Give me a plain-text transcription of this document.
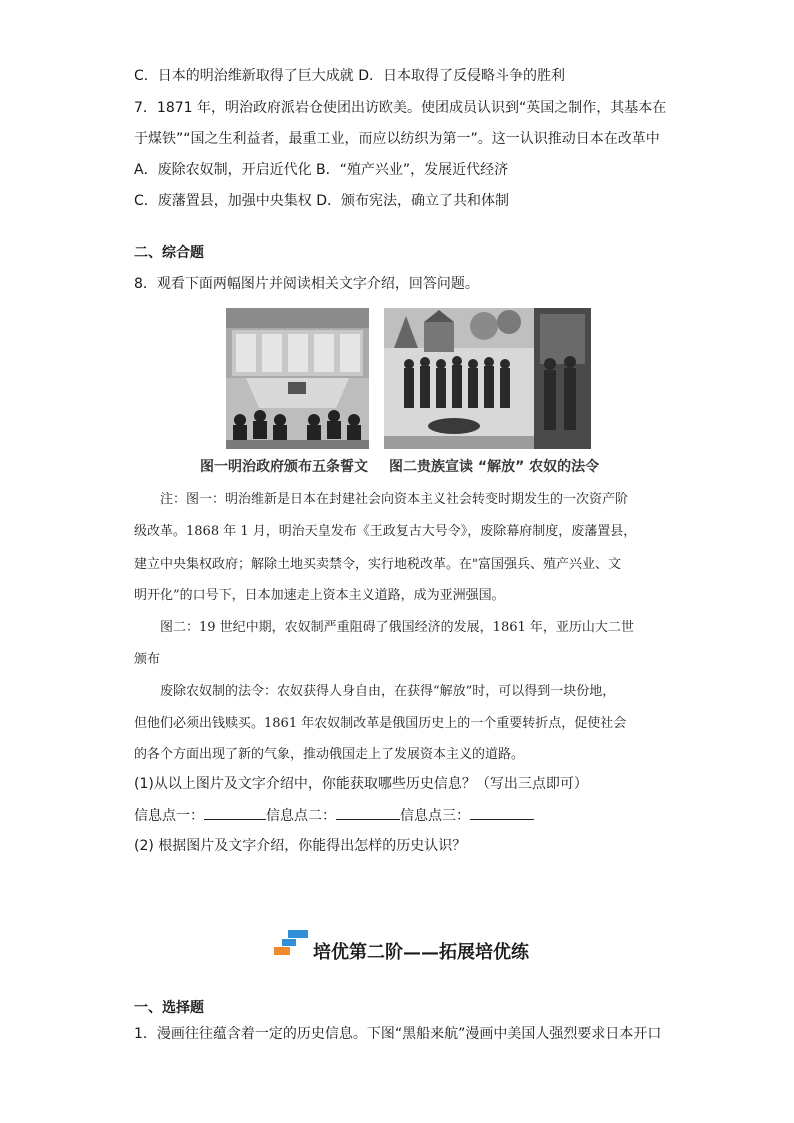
C．日本的明治维新取得了巨大成就 D．日本取得了反侵略斗争的胜利
7．1871 年，明治政府派岩仓使团出访欧美。使团成员认识到“英国之制作，其基本在
于煤铁”“国之生利益者，最重工业，而应以纺织为第一”。这一认识推动日本在改革中
A．废除农奴制，开启近代化 B．“殖产兴业”，发展近代经济
C．废藩置县，加强中央集权 D．颁布宪法，确立了共和体制
二、综合题
8．观看下面两幅图片并阅读相关文字介绍，回答问题。
图一明治政府颁布五条誓文 图二贵族宣读 “解放” 农奴的法令
注：图一：明治维新是日本在封建社会向资本主义社会转变时期发生的一次资产阶
级改革。1868 年 1 月，明治天皇发布《王政复古大号令》，废除幕府制度，废藩置县，
建立中央集权政府；解除土地买卖禁令，实行地税改革。在"富国强兵、殖产兴业、文
明开化”的口号下，日本加速走上资本主义道路，成为亚洲强国。
图二：19 世纪中期，农奴制严重阻碍了俄国经济的发展，1861 年，亚历山大二世
颁布
废除农奴制的法令：农奴获得人身自由，在获得“解放”时，可以得到一块份地，
但他们必须出钱赎买。1861 年农奴制改革是俄国历史上的一个重要转折点，促使社会
的各个方面出现了新的气象，推动俄国走上了发展资本主义的道路。
(1)从以上图片及文字介绍中，你能获取哪些历史信息？（写出三点即可）
信息点一：	信息点二：	信息点三：
(2) 根据图片及文字介绍，你能得出怎样的历史认识？
培优第二阶——拓展培优练
一、选择题
1．漫画往往蕴含着一定的历史信息。下图“黑船来航”漫画中美国人强烈要求日本开口
